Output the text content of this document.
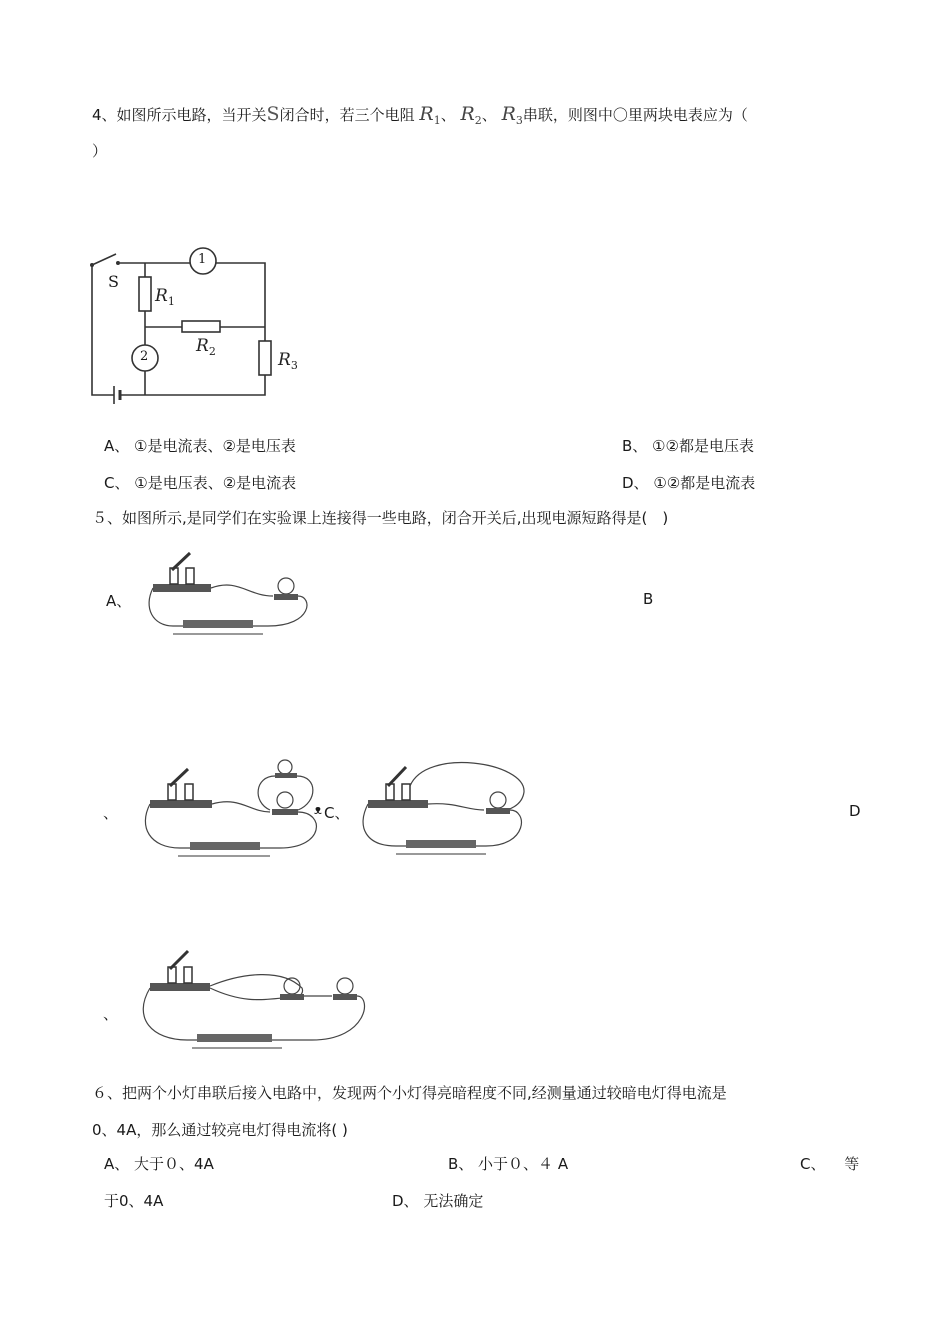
4、如图所示电路，当开关S闭合时，若三个电阻 $R_1$、 $R_2$、 $R_3$串联，则图中〇里两块电表应为（
）
S
1
2
$R_1$
$R_2$	$R_3$
A、 ①是电流表、②是电压表	B、 ①②都是电压表
C、 ①是电压表、②是电流表	D、 ①②都是电流表
５、如图所示,是同学们在实验课上连接得一些电路，闭合开关后,出现电源短路得是(　)
A、	B
、	ᴥ C、	D
、
６、把两个小灯串联后接入电路中，发现两个小灯得亮暗程度不同,经测量通过较暗电灯得电流是
0、4A，那么通过较亮电灯得电流将( )
A、 大于０、4A	B、 小于０、４ A	C、 等
于0、4A	D、 无法确定
